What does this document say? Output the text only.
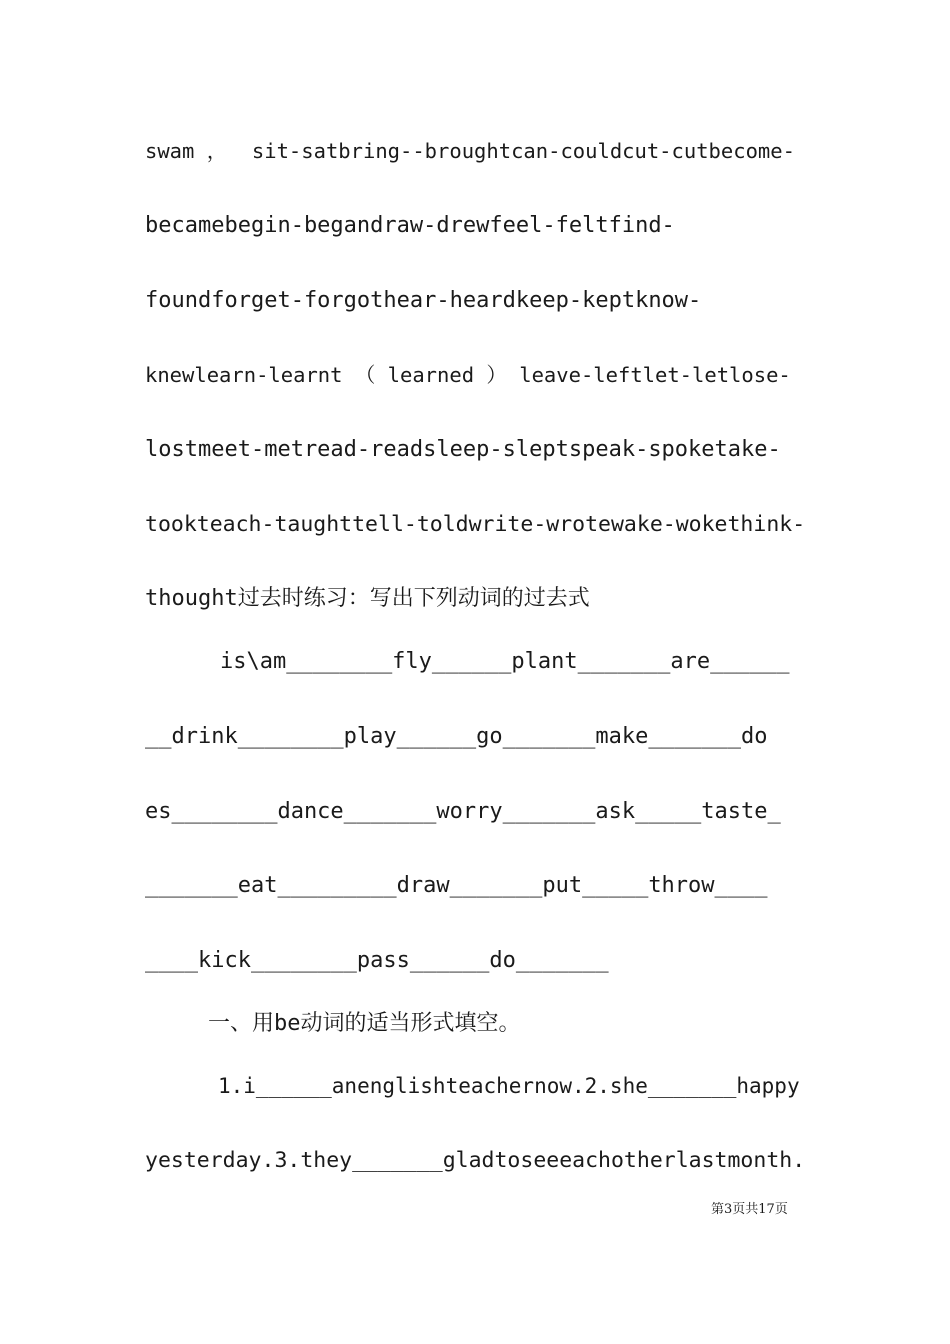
swam ，  sit-satbring--broughtcan-couldcut-cutbecome-
becamebegin-begandraw-drewfeel-feltfind-
foundforget-forgothear-heardkeep-keptknow-
knewlearn-learnt （ learned ） leave-leftlet-letlose-
lostmeet-metread-readsleep-sleptspeak-spoketake-
tookteach-taughttell-toldwrite-wrotewake-wokethink-
thought过去时练习：写出下列动词的过去式
is\am________fly______plant_______are______
__drink________play______go_______make_______do
es________dance_______worry_______ask_____taste_
_______eat_________draw_______put_____throw____
____kick________pass______do_______
一、用be动词的适当形式填空。
1.i______anenglishteachernow.2.she_______happy
yesterday.3.they_______gladtoseeeachotherlastmonth.
第3页共17页
